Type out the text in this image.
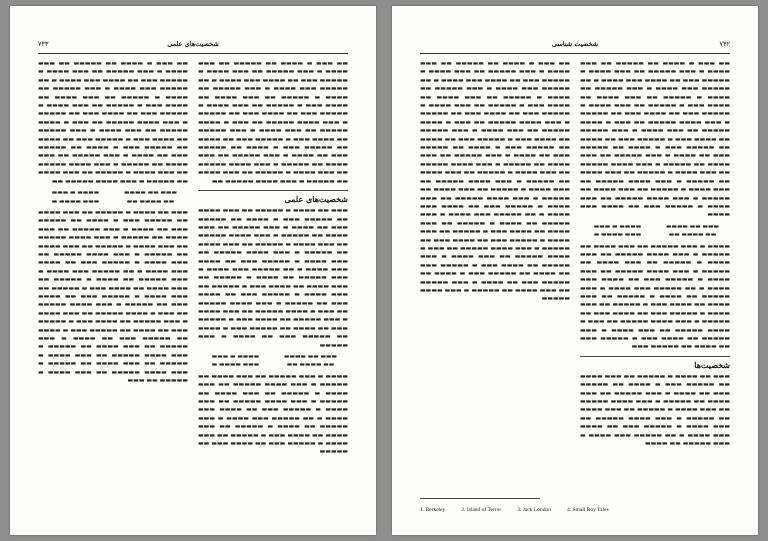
۷۳۳	شخصیت‌های علمی

▬▬ ▬▬▬ ▬ ▬▬▬▬ ▬▬ ▬▬▬▬▬ ▬▬ ▬▬▬ ▬▬▬▬ ▬ ▬▬▬ ▬▬▬▬▬ ▬▬ ▬▬▬ ▬▬▬▬ ▬ ▬▬▬▬▬ ▬▬▬ ▬▬ ▬▬▬▬ ▬▬▬ ▬▬▬▬ ▬ ▬▬ ▬▬▬▬▬ ▬▬▬ ▬▬▬▬ ▬ ▬▬▬ ▬▬▬▬▬ ▬▬ ▬▬▬▬ ▬ ▬▬▬▬▬ ▬▬ ▬▬▬ ▬▬▬▬ ▬▬ ▬▬▬▬ ▬▬▬ ▬ ▬▬▬▬▬ ▬▬ ▬▬▬ ▬▬▬▬ ▬ ▬▬▬▬▬ ▬▬▬ ▬▬ ▬▬▬▬ ▬▬▬ ▬▬ ▬▬▬▬▬ ▬ ▬▬▬ ▬▬▬▬ ▬▬▬▬▬ ▬▬ ▬▬▬ ▬ ▬▬▬▬ ▬▬▬▬▬ ▬▬ ▬▬▬ ▬▬▬▬ ▬ ▬▬▬ ▬▬▬▬▬ ▬▬ ▬▬▬▬ ▬▬▬ ▬ ▬▬▬▬▬ ▬▬▬ ▬▬ ▬▬▬▬ ▬▬ ▬▬▬▬▬ ▬▬▬ ▬ ▬▬▬▬ ▬▬ ▬▬▬▬▬ ▬▬▬ ▬▬ ▬▬▬▬ ▬ ▬▬▬ ▬▬▬▬▬ ▬▬ ▬▬▬ ▬▬▬▬ ▬▬ ▬▬▬▬▬ ▬ ▬▬▬ ▬▬▬▬ ▬▬▬▬▬ ▬▬ ▬▬▬ ▬▬▬▬ ▬ ▬▬▬▬▬ ▬▬ ▬▬▬ ▬▬▬▬ ▬▬ ▬▬▬▬▬ ▬ ▬▬▬ ▬▬▬▬ ▬▬▬▬▬ ▬▬

شخصیت‌های علمی

▬▬▬ ▬▬ ▬▬▬▬ ▬ ▬▬▬▬▬ ▬▬ ▬▬▬ ▬▬▬▬ ▬▬ ▬▬▬▬▬ ▬▬▬ ▬ ▬▬▬▬ ▬▬ ▬▬▬▬▬ ▬▬▬ ▬▬ ▬▬▬▬ ▬ ▬▬▬ ▬▬▬▬▬ ▬▬ ▬▬▬ ▬▬▬▬ ▬▬ ▬▬▬▬▬ ▬ ▬▬▬ ▬▬▬▬ ▬▬▬▬▬ ▬▬ ▬▬▬ ▬▬▬▬ ▬ ▬▬▬▬▬ ▬▬ ▬▬▬ ▬▬▬▬ ▬▬ ▬▬▬▬▬ ▬ ▬▬▬ ▬▬▬▬ ▬▬▬▬▬ ▬▬ ▬▬▬ ▬▬▬▬ ▬ ▬▬▬▬▬ ▬▬▬ ▬▬ ▬▬▬▬ ▬▬▬ ▬▬▬▬ ▬ ▬▬ ▬▬▬▬▬ ▬▬▬ ▬▬▬▬ ▬ ▬▬▬ ▬▬▬▬▬ ▬▬ ▬▬▬▬ ▬ ▬▬▬▬▬ ▬▬ ▬▬▬ ▬▬▬▬ ▬▬ ▬▬▬▬ ▬▬▬ ▬ ▬▬▬▬▬ ▬▬ ▬▬▬ ▬▬▬▬ ▬ ▬▬▬▬▬ ▬▬▬ ▬▬ ▬▬▬▬ ▬▬▬ ▬▬ ▬▬▬▬▬ ▬ ▬▬▬ ▬▬▬▬ ▬▬▬▬▬ ▬▬ ▬▬▬ ▬ ▬▬▬▬ ▬▬▬▬▬ ▬▬ ▬▬▬ ▬▬▬▬ ▬ ▬▬▬ ▬▬▬▬▬ ▬▬ ▬▬▬▬ ▬▬▬ ▬ ▬▬▬▬▬ ▬▬▬ ▬▬ ▬▬▬▬ ▬▬ ▬▬▬▬▬ ▬▬▬ ▬ ▬▬▬▬ ▬▬ ▬▬▬▬▬ ▬▬▬ ▬▬ ▬▬▬▬ ▬ ▬▬▬ ▬▬▬▬▬

▬▬▬ ▬▬ ▬▬▬▬
▬▬▬▬ ▬ ▬▬▬
▬▬ ▬▬▬▬ ▬▬
▬▬▬ ▬▬▬▬ ▬

▬▬▬▬ ▬ ▬▬▬ ▬▬▬▬▬ ▬▬ ▬▬▬ ▬▬▬▬ ▬▬ ▬▬▬▬▬ ▬ ▬▬▬ ▬▬▬▬ ▬▬▬▬▬ ▬▬ ▬▬▬ ▬▬▬▬ ▬ ▬▬▬▬▬ ▬▬ ▬▬▬ ▬▬▬▬ ▬▬ ▬▬▬▬▬ ▬ ▬▬▬ ▬▬▬▬ ▬▬▬▬▬ ▬▬ ▬▬▬ ▬▬▬▬ ▬ ▬▬▬▬▬ ▬▬▬ ▬▬ ▬▬▬▬ ▬▬▬ ▬▬▬▬ ▬ ▬▬ ▬▬▬▬▬ ▬▬▬ ▬▬▬▬ ▬ ▬▬▬ ▬▬▬▬▬ ▬▬ ▬▬▬▬ ▬ ▬▬▬▬▬ ▬▬ ▬▬▬ ▬▬▬▬ ▬▬ ▬▬▬▬ ▬▬▬ ▬ ▬▬▬▬▬ ▬▬ ▬▬▬ ▬▬▬▬ ▬ ▬▬▬▬▬ ▬▬▬ ▬▬ ▬▬▬▬ ▬▬▬ ▬▬ ▬▬▬▬▬

▬▬ ▬▬▬ ▬ ▬▬▬▬ ▬▬ ▬▬▬▬▬ ▬▬ ▬▬▬ ▬▬▬▬ ▬ ▬▬▬ ▬▬▬▬▬ ▬▬ ▬▬▬ ▬▬▬▬ ▬ ▬▬▬▬▬ ▬▬▬ ▬▬ ▬▬▬▬ ▬▬▬ ▬▬▬▬ ▬ ▬▬ ▬▬▬▬▬ ▬▬▬ ▬▬▬▬ ▬ ▬▬▬ ▬▬▬▬▬ ▬▬ ▬▬▬▬ ▬ ▬▬▬▬▬ ▬▬ ▬▬▬ ▬▬▬▬ ▬▬ ▬▬▬▬ ▬▬▬ ▬ ▬▬▬▬▬ ▬▬ ▬▬▬ ▬▬▬▬ ▬ ▬▬▬▬▬ ▬▬▬ ▬▬ ▬▬▬▬ ▬▬▬ ▬▬ ▬▬▬▬▬ ▬ ▬▬▬ ▬▬▬▬ ▬▬▬▬▬ ▬▬ ▬▬▬ ▬ ▬▬▬▬ ▬▬▬▬▬ ▬▬ ▬▬▬ ▬▬▬▬ ▬ ▬▬▬ ▬▬▬▬▬ ▬▬ ▬▬▬▬ ▬▬▬ ▬ ▬▬▬▬▬ ▬▬▬ ▬▬ ▬▬▬▬ ▬▬ ▬▬▬▬▬ ▬▬▬ ▬ ▬▬▬▬ ▬▬ ▬▬▬▬▬ ▬▬▬ ▬▬ ▬▬▬▬ ▬ ▬▬▬ ▬▬▬▬▬ ▬▬ ▬▬▬ ▬▬▬▬ ▬▬ ▬▬▬▬▬ ▬ ▬▬▬ ▬▬▬▬ ▬▬▬▬▬ ▬▬ ▬▬▬ ▬▬▬▬ ▬ ▬▬▬▬▬ ▬▬ ▬▬▬ ▬▬▬▬ ▬▬ ▬▬▬▬▬ ▬ ▬▬▬ ▬▬▬▬ ▬▬▬▬▬ ▬▬

▬▬▬ ▬▬ ▬▬▬▬
▬▬▬▬ ▬ ▬▬▬
▬▬ ▬▬▬▬ ▬▬
▬▬▬ ▬▬▬▬ ▬

▬▬▬ ▬▬ ▬▬▬▬ ▬ ▬▬▬▬▬ ▬▬ ▬▬▬ ▬▬▬▬ ▬▬ ▬▬▬▬▬ ▬▬▬ ▬ ▬▬▬▬ ▬▬ ▬▬▬▬▬ ▬▬▬ ▬▬ ▬▬▬▬ ▬ ▬▬▬ ▬▬▬▬▬ ▬▬ ▬▬▬ ▬▬▬▬ ▬▬ ▬▬▬▬▬ ▬ ▬▬▬ ▬▬▬▬ ▬▬▬▬▬ ▬▬ ▬▬▬ ▬▬▬▬ ▬ ▬▬▬▬▬ ▬▬ ▬▬▬ ▬▬▬▬ ▬▬ ▬▬▬▬▬ ▬ ▬▬▬ ▬▬▬▬ ▬▬▬▬▬ ▬▬ ▬▬▬ ▬▬▬▬ ▬ ▬▬▬▬▬ ▬▬▬ ▬▬ ▬▬▬▬ ▬▬▬ ▬▬▬▬ ▬ ▬▬ ▬▬▬▬▬ ▬▬▬ ▬▬▬▬ ▬ ▬▬▬ ▬▬▬▬▬ ▬▬ ▬▬▬▬ ▬ ▬▬▬▬▬ ▬▬ ▬▬▬ ▬▬▬▬ ▬▬ ▬▬▬▬ ▬▬▬ ▬ ▬▬▬▬▬ ▬▬ ▬▬▬ ▬▬▬▬ ▬ ▬▬▬▬▬ ▬▬▬ ▬▬ ▬▬▬▬ ▬▬▬ ▬▬ ▬▬▬▬▬ ▬ ▬▬▬ ▬▬▬▬ ▬▬▬▬▬ ▬▬ ▬▬▬ ▬ ▬▬▬▬ ▬▬▬▬▬ ▬▬ ▬▬▬ ▬▬▬▬ ▬ ▬▬▬ ▬▬▬▬▬ ▬▬ ▬▬▬▬ ▬▬▬ ▬ ▬▬▬▬▬ ▬▬▬ ▬▬ ▬▬▬▬ ▬▬ ▬▬▬▬▬ ▬▬▬ ▬ ▬▬▬▬ ▬▬ ▬▬▬▬▬ ▬▬▬ ▬▬ ▬▬▬▬ ▬ ▬▬▬ ▬▬▬▬▬ ▬▬ ▬▬▬ ▬▬▬▬ ▬▬ ▬▬▬▬▬ ▬ ▬▬▬ ▬▬▬▬ ▬▬▬▬▬ ▬▬ ▬▬▬ ▬▬▬▬ ▬ ▬▬▬▬▬ ▬▬ ▬▬▬ ▬▬▬▬ ▬▬ ▬▬▬▬▬ ▬ ▬▬▬ ▬▬▬▬ ▬▬▬▬▬ ▬▬ ▬▬▬ ▬▬▬▬ ▬ ▬▬▬▬▬ ▬▬ ▬▬▬

۷۳۲
شخصیت شناسی

▬▬ ▬▬▬ ▬ ▬▬▬▬ ▬▬ ▬▬▬▬▬ ▬▬ ▬▬▬ ▬▬▬▬ ▬ ▬▬▬ ▬▬▬▬▬ ▬▬ ▬▬▬ ▬▬▬▬ ▬ ▬▬▬▬▬ ▬▬▬ ▬▬ ▬▬▬▬ ▬▬▬ ▬▬▬▬ ▬ ▬▬ ▬▬▬▬▬ ▬▬▬ ▬▬▬▬ ▬ ▬▬▬ ▬▬▬▬▬ ▬▬ ▬▬▬▬ ▬ ▬▬▬▬▬ ▬▬ ▬▬▬ ▬▬▬▬ ▬▬ ▬▬▬▬ ▬▬▬ ▬ ▬▬▬▬▬ ▬▬ ▬▬▬ ▬▬▬▬ ▬ ▬▬▬▬▬ ▬▬▬ ▬▬ ▬▬▬▬ ▬▬▬ ▬▬ ▬▬▬▬▬ ▬ ▬▬▬ ▬▬▬▬ ▬▬▬▬▬ ▬▬ ▬▬▬ ▬ ▬▬▬▬ ▬▬▬▬▬ ▬▬ ▬▬▬ ▬▬▬▬ ▬ ▬▬▬ ▬▬▬▬▬ ▬▬ ▬▬▬▬ ▬▬▬ ▬ ▬▬▬▬▬ ▬▬▬ ▬▬ ▬▬▬▬ ▬▬ ▬▬▬▬▬ ▬▬▬ ▬ ▬▬▬▬ ▬▬ ▬▬▬▬▬ ▬▬▬ ▬▬ ▬▬▬▬ ▬ ▬▬▬ ▬▬▬▬▬ ▬▬ ▬▬▬ ▬▬▬▬ ▬▬ ▬▬▬▬▬ ▬ ▬▬▬ ▬▬▬▬ ▬▬▬▬▬ ▬▬ ▬▬▬ ▬▬▬▬ ▬ ▬▬▬▬▬ ▬▬ ▬▬▬ ▬▬▬▬ ▬▬ ▬▬▬▬▬ ▬ ▬▬▬ ▬▬▬▬ ▬▬▬▬▬ ▬▬ ▬▬▬ ▬▬▬▬ ▬ ▬▬▬▬▬ ▬▬ ▬▬▬ ▬▬▬▬ ▬▬ ▬▬▬▬▬ ▬ ▬▬▬ ▬▬▬▬ ▬▬▬▬▬ ▬▬ ▬▬▬ ▬▬▬▬ ▬ ▬▬▬▬▬ ▬▬▬ ▬▬ ▬▬▬▬ ▬▬▬ ▬▬▬▬

▬▬▬ ▬▬ ▬▬▬▬
▬▬▬▬ ▬ ▬▬▬
▬▬ ▬▬▬▬ ▬▬
▬▬▬ ▬▬▬▬ ▬

▬▬▬▬ ▬ ▬▬▬ ▬▬▬▬▬ ▬▬ ▬▬▬ ▬▬▬▬ ▬▬ ▬▬▬▬▬ ▬ ▬▬▬ ▬▬▬▬ ▬▬▬▬▬ ▬▬ ▬▬▬ ▬▬▬▬ ▬ ▬▬▬▬▬ ▬▬ ▬▬▬ ▬▬▬▬ ▬▬ ▬▬▬▬▬ ▬ ▬▬▬ ▬▬▬▬ ▬▬▬▬▬ ▬▬ ▬▬▬ ▬▬▬▬ ▬ ▬▬▬▬▬ ▬▬▬ ▬▬ ▬▬▬▬ ▬▬▬ ▬▬▬▬ ▬ ▬▬ ▬▬▬▬▬ ▬▬▬ ▬▬▬▬ ▬ ▬▬▬ ▬▬▬▬▬ ▬▬ ▬▬▬▬ ▬ ▬▬▬▬▬ ▬▬ ▬▬▬ ▬▬▬▬ ▬▬ ▬▬▬▬ ▬▬▬ ▬ ▬▬▬▬▬ ▬▬ ▬▬▬ ▬▬▬▬ ▬ ▬▬▬▬▬ ▬▬▬ ▬▬ ▬▬▬▬ ▬▬▬ ▬▬ ▬▬▬▬▬ ▬ ▬▬▬ ▬▬▬▬ ▬▬▬▬▬ ▬▬ ▬▬▬ ▬ ▬▬▬▬ ▬▬▬▬▬ ▬▬ ▬▬▬ ▬▬▬▬ ▬ ▬▬▬ ▬▬▬▬▬ ▬▬ ▬▬▬▬ ▬▬▬ ▬ ▬▬▬▬▬ ▬▬▬ ▬▬ ▬▬▬▬ ▬▬ ▬▬▬▬▬ ▬▬▬

شخصیت‌ها

▬▬▬ ▬▬ ▬▬▬▬ ▬ ▬▬▬▬▬ ▬▬ ▬▬▬ ▬▬▬▬ ▬▬ ▬▬▬▬▬ ▬▬▬ ▬ ▬▬▬▬ ▬▬ ▬▬▬▬▬ ▬▬▬ ▬▬ ▬▬▬▬ ▬ ▬▬▬ ▬▬▬▬▬ ▬▬ ▬▬▬ ▬▬▬▬ ▬▬ ▬▬▬▬▬ ▬ ▬▬▬ ▬▬▬▬ ▬▬▬▬▬ ▬▬ ▬▬▬ ▬▬▬▬ ▬ ▬▬▬▬▬ ▬▬ ▬▬▬ ▬▬▬▬ ▬▬ ▬▬▬▬▬ ▬ ▬▬▬ ▬▬▬▬ ▬▬▬▬▬ ▬▬ ▬▬▬ ▬▬▬▬ ▬ ▬▬▬▬▬ ▬▬▬ ▬▬ ▬▬▬▬ ▬▬▬ ▬▬▬▬ ▬ ▬▬ ▬▬▬▬▬ ▬▬▬ ▬▬▬▬ ▬ ▬▬▬ ▬▬▬▬▬ ▬▬ ▬▬▬▬

▬▬ ▬▬▬ ▬ ▬▬▬▬ ▬▬ ▬▬▬▬▬ ▬▬ ▬▬▬ ▬▬▬▬ ▬ ▬▬▬ ▬▬▬▬▬ ▬▬ ▬▬▬ ▬▬▬▬ ▬ ▬▬▬▬▬ ▬▬▬ ▬▬ ▬▬▬▬ ▬▬▬ ▬▬▬▬ ▬ ▬▬ ▬▬▬▬▬ ▬▬▬ ▬▬▬▬ ▬ ▬▬▬ ▬▬▬▬▬ ▬▬ ▬▬▬▬ ▬ ▬▬▬▬▬ ▬▬ ▬▬▬ ▬▬▬▬ ▬▬ ▬▬▬▬ ▬▬▬ ▬ ▬▬▬▬▬ ▬▬ ▬▬▬ ▬▬▬▬ ▬ ▬▬▬▬▬ ▬▬▬ ▬▬ ▬▬▬▬ ▬▬▬ ▬▬ ▬▬▬▬▬ ▬ ▬▬▬ ▬▬▬▬ ▬▬▬▬▬ ▬▬ ▬▬▬ ▬ ▬▬▬▬ ▬▬▬▬▬ ▬▬ ▬▬▬ ▬▬▬▬ ▬ ▬▬▬ ▬▬▬▬▬ ▬▬ ▬▬▬▬ ▬▬▬ ▬ ▬▬▬▬▬ ▬▬▬ ▬▬ ▬▬▬▬ ▬▬ ▬▬▬▬▬ ▬▬▬ ▬ ▬▬▬▬ ▬▬ ▬▬▬▬▬ ▬▬▬ ▬▬ ▬▬▬▬ ▬ ▬▬▬ ▬▬▬▬▬ ▬▬ ▬▬▬ ▬▬▬▬ ▬▬ ▬▬▬▬▬ ▬ ▬▬▬ ▬▬▬▬ ▬▬▬▬▬ ▬▬ ▬▬▬ ▬▬▬▬ ▬ ▬▬▬▬▬ ▬▬ ▬▬▬ ▬▬▬▬ ▬▬ ▬▬▬▬▬ ▬ ▬▬▬ ▬▬▬▬ ▬▬▬▬▬ ▬▬ ▬▬▬ ▬▬▬▬ ▬ ▬▬▬▬▬ ▬▬ ▬▬▬ ▬▬▬▬ ▬▬ ▬▬▬▬▬ ▬ ▬▬▬ ▬▬▬▬ ▬▬▬▬▬ ▬▬ ▬▬▬ ▬▬▬▬ ▬ ▬▬▬▬▬ ▬▬▬ ▬▬ ▬▬▬▬ ▬▬▬ ▬▬▬▬ ▬ ▬▬ ▬▬▬▬▬ ▬▬▬ ▬▬▬▬ ▬ ▬▬▬ ▬▬▬▬▬ ▬▬ ▬▬▬▬ ▬ ▬▬▬▬▬ ▬▬ ▬▬▬ ▬▬▬▬ ▬▬ ▬▬▬▬ ▬▬▬ ▬ ▬▬▬▬▬ ▬▬ ▬▬▬ ▬▬▬▬ ▬ ▬▬▬▬▬ ▬▬▬ ▬▬ ▬▬▬▬ ▬▬▬ ▬▬ ▬▬▬▬▬ ▬ ▬▬▬ ▬▬▬▬ ▬▬▬▬▬ ▬▬ ▬▬▬ ▬ ▬▬▬▬ ▬▬▬▬▬ ▬▬ ▬▬▬ ▬▬▬▬ ▬ ▬▬▬ ▬▬▬▬▬ ▬▬ ▬▬▬▬ ▬▬▬ ▬ ▬▬▬▬▬ ▬▬▬ ▬▬ ▬▬▬▬ ▬▬ ▬▬▬▬▬ ▬▬▬ ▬ ▬▬▬▬ ▬▬ ▬▬▬▬▬ ▬▬▬ ▬▬ ▬▬▬▬ ▬ ▬▬▬ ▬▬▬▬▬ ▬▬ ▬▬▬ ▬▬▬▬ ▬▬ ▬▬▬▬▬ ▬ ▬▬▬ ▬▬▬▬ ▬▬▬▬▬

1. Berkeley	2. Island of Terror	3. Jack London	4. Small Boy Tales
